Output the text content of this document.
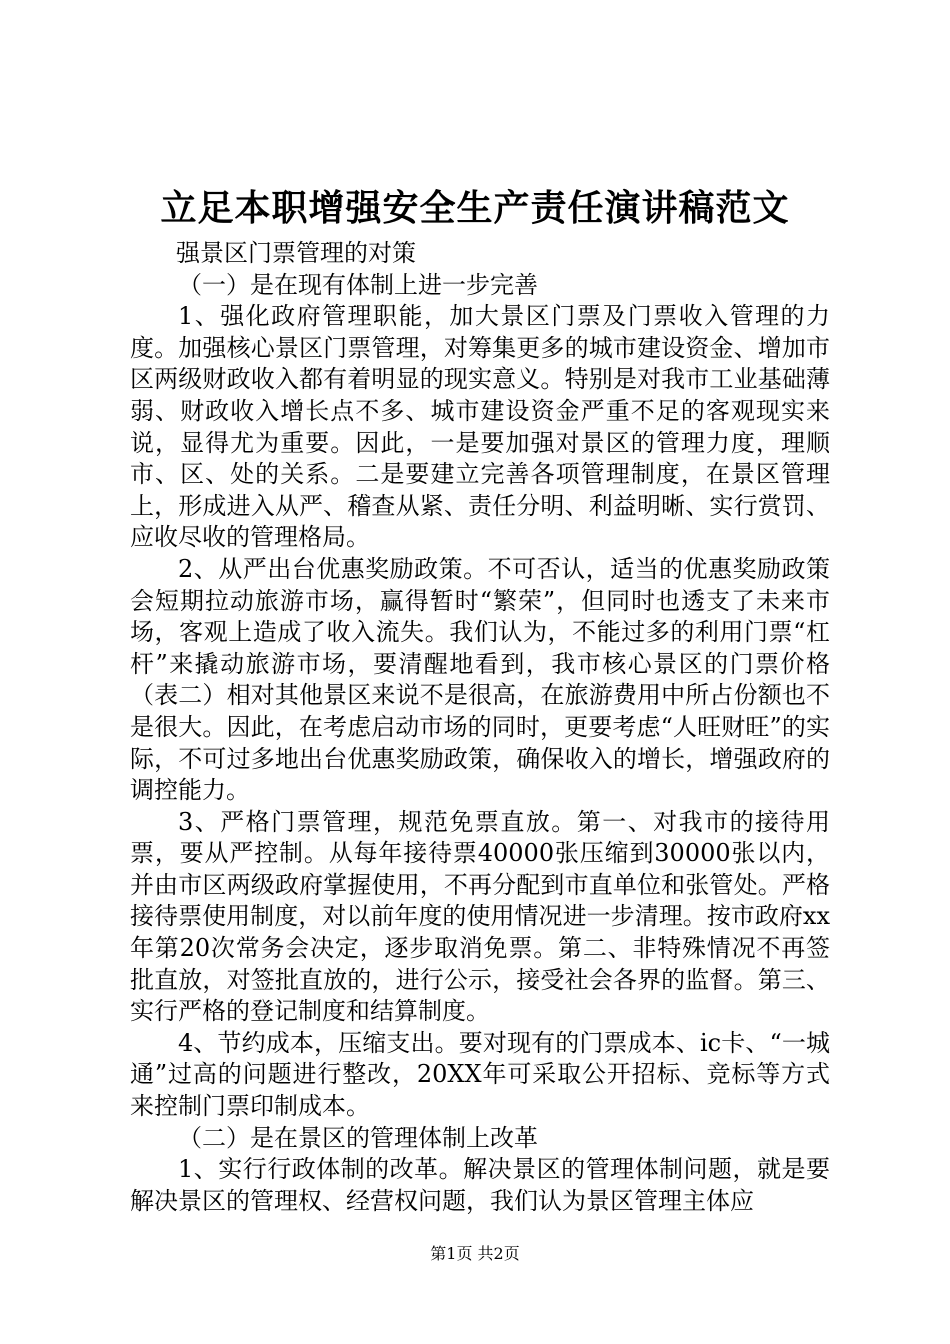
立足本职增强安全生产责任演讲稿范文

强景区门票管理的对策

（一）是在现有体制上进一步完善

1、强化政府管理职能，加大景区门票及门票收入管理的力度。加强核心景区门票管理，对筹集更多的城市建设资金、增加市区两级财政收入都有着明显的现实意义。特别是对我市工业基础薄弱、财政收入增长点不多、城市建设资金严重不足的客观现实来说，显得尤为重要。因此，一是要加强对景区的管理力度，理顺市、区、处的关系。二是要建立完善各项管理制度，在景区管理上，形成进入从严、稽查从紧、责任分明、利益明晰、实行赏罚、应收尽收的管理格局。

2、从严出台优惠奖励政策。不可否认，适当的优惠奖励政策会短期拉动旅游市场，赢得暂时“繁荣”，但同时也透支了未来市场，客观上造成了收入流失。我们认为，不能过多的利用门票“杠杆”来撬动旅游市场，要清醒地看到，我市核心景区的门票价格（表二）相对其他景区来说不是很高，在旅游费用中所占份额也不是很大。因此，在考虑启动市场的同时，更要考虑“人旺财旺”的实际，不可过多地出台优惠奖励政策，确保收入的增长，增强政府的调控能力。

3、严格门票管理，规范免票直放。第一、对我市的接待用票，要从严控制。从每年接待票40000张压缩到30000张以内，并由市区两级政府掌握使用，不再分配到市直单位和张管处。严格接待票使用制度，对以前年度的使用情况进一步清理。按市政府xx年第20次常务会决定，逐步取消免票。第二、非特殊情况不再签批直放，对签批直放的，进行公示，接受社会各界的监督。第三、实行严格的登记制度和结算制度。

4、节约成本，压缩支出。要对现有的门票成本、ic卡、“一城通”过高的问题进行整改，20XX年可采取公开招标、竞标等方式来控制门票印制成本。

（二）是在景区的管理体制上改革

1、实行行政体制的改革。解决景区的管理体制问题，就是要解决景区的管理权、经营权问题，我们认为景区管理主体应

第1页 共2页
